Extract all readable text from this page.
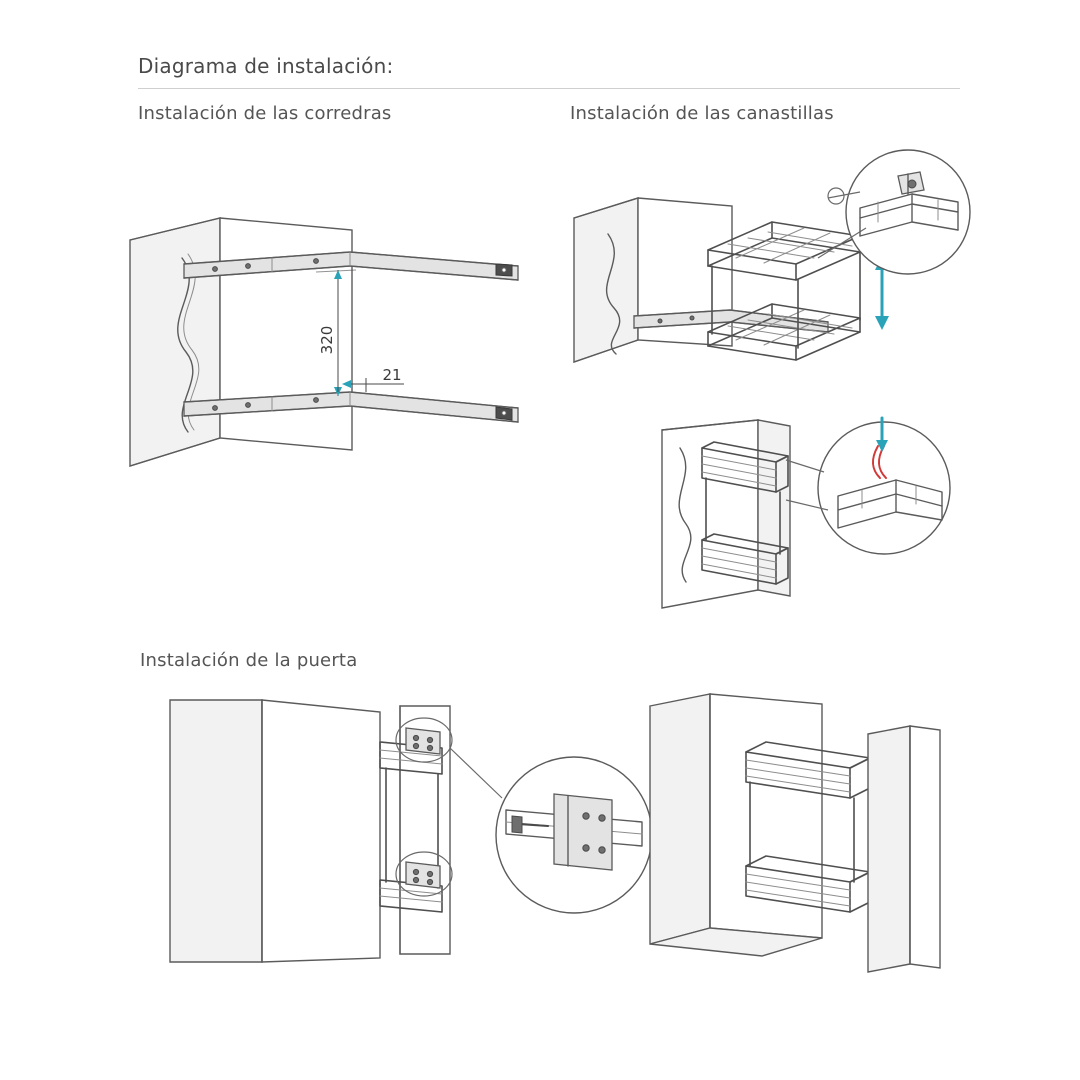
Diagrama de instalación:
Instalación de las corredras	Instalación de las canastillas
Instalación de la puerta
320
21
